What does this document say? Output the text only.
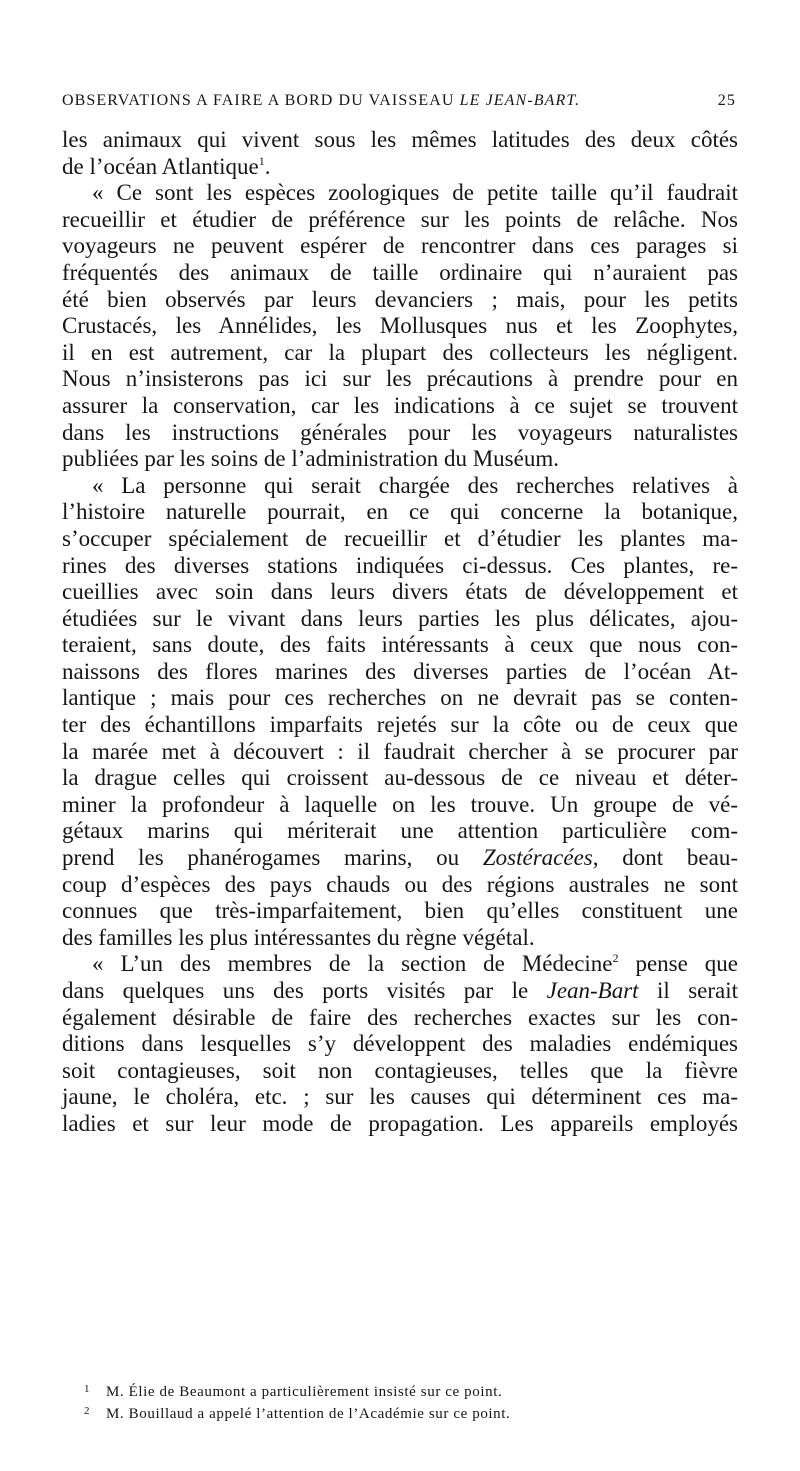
OBSERVATIONS A FAIRE A BORD DU VAISSEAU LE JEAN-BART.	25
les animaux qui vivent sous les mêmes latitudes des deux côtés
de l’océan Atlantique$^1$.
« Ce sont les espèces zoologiques de petite taille qu’il faudrait
recueillir et étudier de préférence sur les points de relâche. Nos
voyageurs ne peuvent espérer de rencontrer dans ces parages si
fréquentés des animaux de taille ordinaire qui n’auraient pas
été bien observés par leurs devanciers ; mais, pour les petits
Crustacés, les Annélides, les Mollusques nus et les Zoophytes,
il en est autrement, car la plupart des collecteurs les négligent.
Nous n’insisterons pas ici sur les précautions à prendre pour en
assurer la conservation, car les indications à ce sujet se trouvent
dans les instructions générales pour les voyageurs naturalistes
publiées par les soins de l’administration du Muséum.
« La personne qui serait chargée des recherches relatives à
l’histoire naturelle pourrait, en ce qui concerne la botanique,
s’occuper spécialement de recueillir et d’étudier les plantes ma-
rines des diverses stations indiquées ci-dessus. Ces plantes, re-
cueillies avec soin dans leurs divers états de développement et
étudiées sur le vivant dans leurs parties les plus délicates, ajou-
teraient, sans doute, des faits intéressants à ceux que nous con-
naissons des flores marines des diverses parties de l’océan At-
lantique ; mais pour ces recherches on ne devrait pas se conten-
ter des échantillons imparfaits rejetés sur la côte ou de ceux que
la marée met à découvert : il faudrait chercher à se procurer par
la drague celles qui croissent au-dessous de ce niveau et déter-
miner la profondeur à laquelle on les trouve. Un groupe de vé-
gétaux marins qui mériterait une attention particulière com-
prend les phanérogames marins, ou Zostéracées, dont beau-
coup d’espèces des pays chauds ou des régions australes ne sont
connues que très-imparfaitement, bien qu’elles constituent une
des familles les plus intéressantes du règne végétal.
« L’un des membres de la section de Médecine$^2$ pense que
dans quelques uns des ports visités par le Jean-Bart il serait
également désirable de faire des recherches exactes sur les con-
ditions dans lesquelles s’y développent des maladies endémiques
soit contagieuses, soit non contagieuses, telles que la fièvre
jaune, le choléra, etc. ; sur les causes qui déterminent ces ma-
ladies et sur leur mode de propagation. Les appareils employés
1 M. Élie de Beaumont a particulièrement insisté sur ce point.
2 M. Bouillaud a appelé l’attention de l’Académie sur ce point.
